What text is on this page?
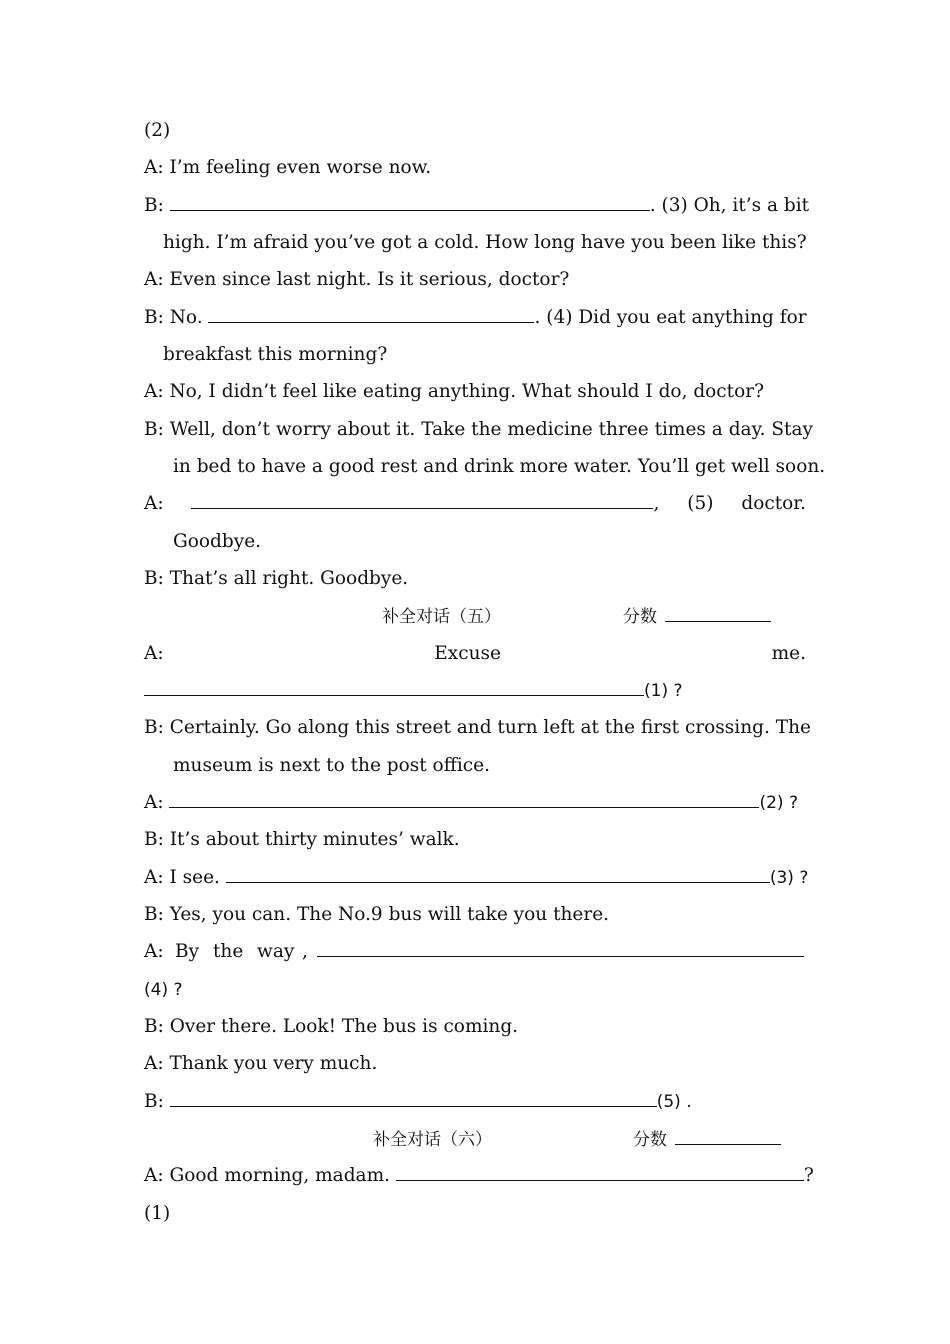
(2)
A: I’m feeling even worse now.
B:	. (3) Oh, it’s a bit
high. I’m afraid you’ve got a cold. How long have you been like this?
A: Even since last night. Is it serious, doctor?
B: No.	. (4) Did you eat anything for
breakfast this morning?
A: No, I didn’t feel like eating anything. What should I do, doctor?
B: Well, don’t worry about it. Take the medicine three times a day. Stay
in bed to have a good rest and drink more water. You’ll get well soon.
A:	, (5) doctor.
Goodbye.
B: That’s all right. Goodbye.
补全对话（五）	分数
A:	Excuse	me.
(1) ?
B: Certainly. Go along this street and turn left at the first crossing. The
museum is next to the post office.
A:	(2) ?
B: It’s about thirty minutes’ walk.
A: I see.	(3) ?
B: Yes, you can. The No.9 bus will take you there.
A: By the way ,
(4) ?
B: Over there. Look! The bus is coming.
A: Thank you very much.
B:	(5) .
补全对话（六）	分数
A: Good morning, madam.	?
(1)
